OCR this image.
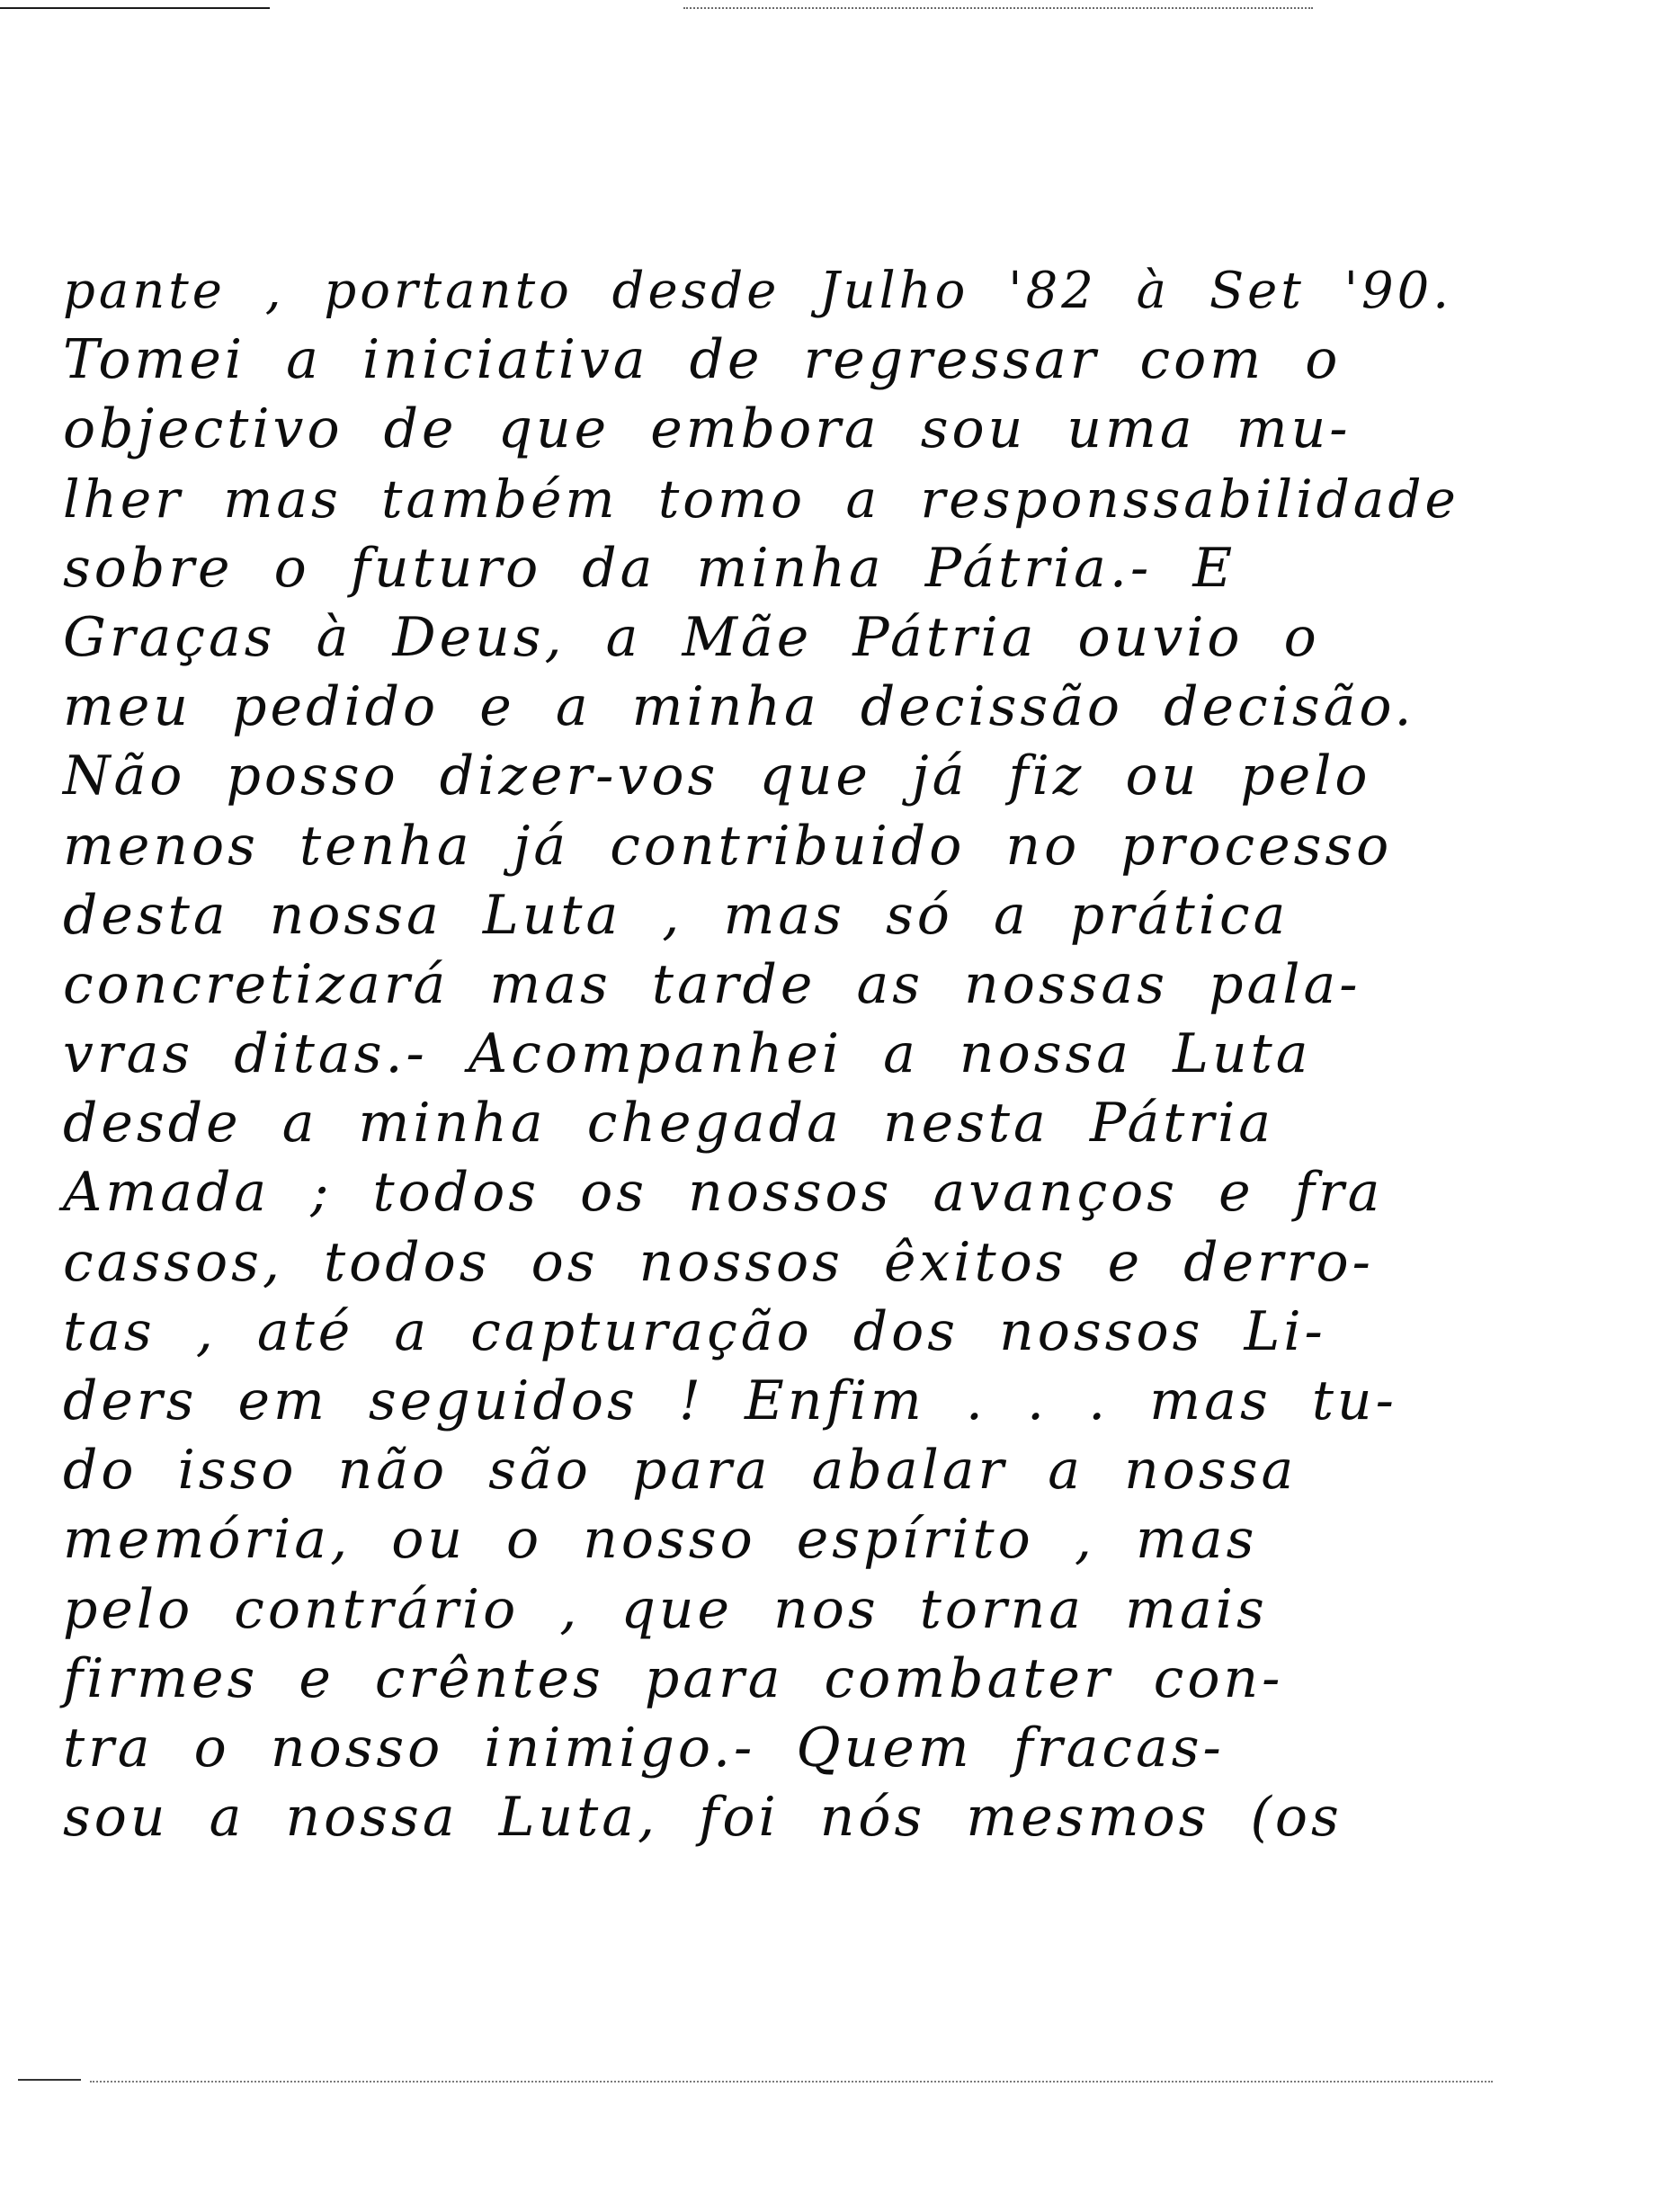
pante , portanto desde Julho '82 à Set '90.
Tomei a iniciativa de regressar com o
objectivo de que embora sou uma mu-
lher mas também tomo a responssabilidade
sobre o futuro da minha Pátria.- E
Graças à Deus, a Mãe Pátria ouvio o
meu pedido e a minha decissão decisão.
Não posso dizer-vos que já fiz ou pelo
menos tenha já contribuido no processo
desta nossa Luta , mas só a prática
concretizará mas tarde as nossas pala-
vras ditas.- Acompanhei a nossa Luta
desde a minha chegada nesta Pátria
Amada ; todos os nossos avanços e fra
cassos, todos os nossos êxitos e derro-
tas , até a capturação dos nossos Li-
ders em seguidos ! Enfim . . . mas tu-
do isso não são para abalar a nossa
memória, ou o nosso espírito , mas
pelo contrário , que nos torna mais
firmes e crêntes para combater con-
tra o nosso inimigo.- Quem fracas-
sou a nossa Luta, foi nós mesmos (os
